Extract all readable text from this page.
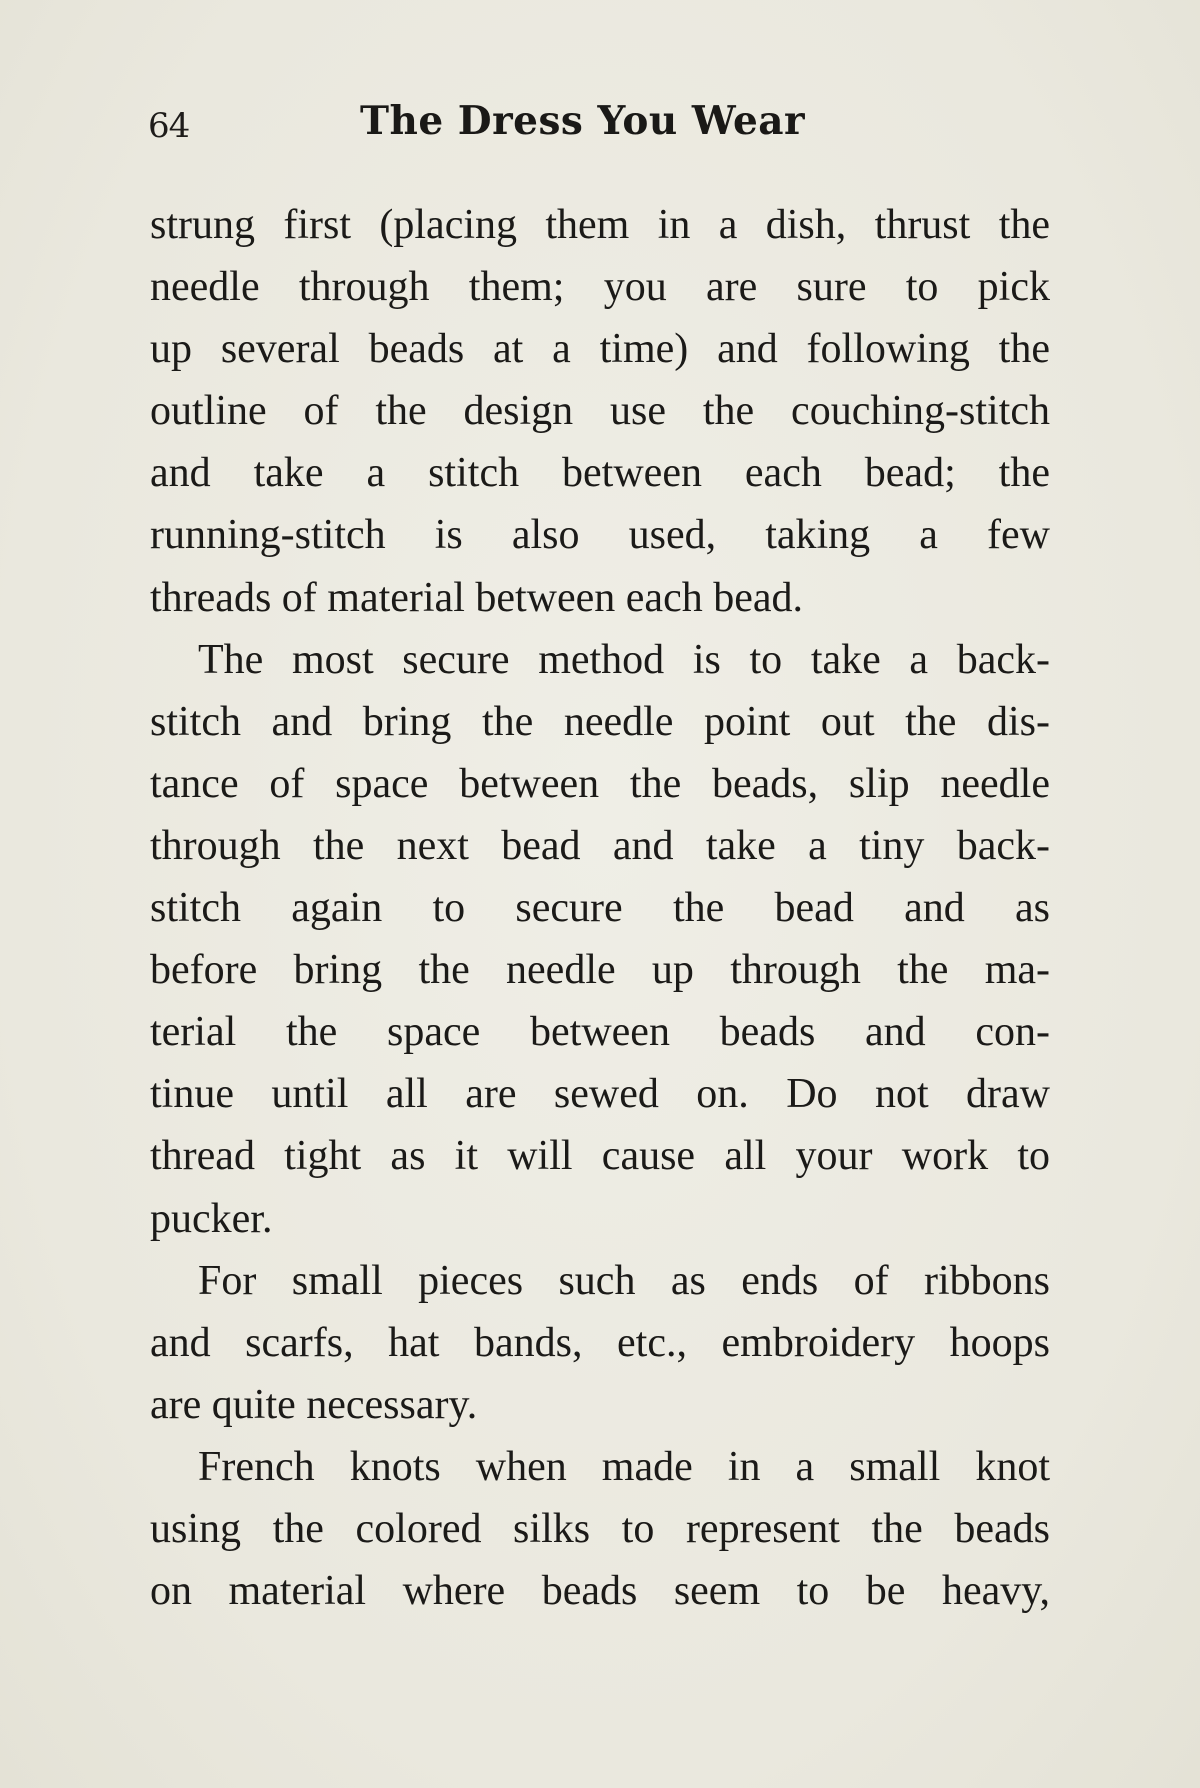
64	The Dress You Wear
strung first (placing them in a dish, thrust the
needle through them; you are sure to pick
up several beads at a time) and following the
outline of the design use the couching-stitch
and take a stitch between each bead; the
running-stitch is also used, taking a few
threads of material between each bead.
The most secure method is to take a back-
stitch and bring the needle point out the dis-
tance of space between the beads, slip needle
through the next bead and take a tiny back-
stitch again to secure the bead and as
before bring the needle up through the ma-
terial the space between beads and con-
tinue until all are sewed on. Do not draw
thread tight as it will cause all your work to
pucker.
For small pieces such as ends of ribbons
and scarfs, hat bands, etc., embroidery hoops
are quite necessary.
French knots when made in a small knot
using the colored silks to represent the beads
on material where beads seem to be heavy,
